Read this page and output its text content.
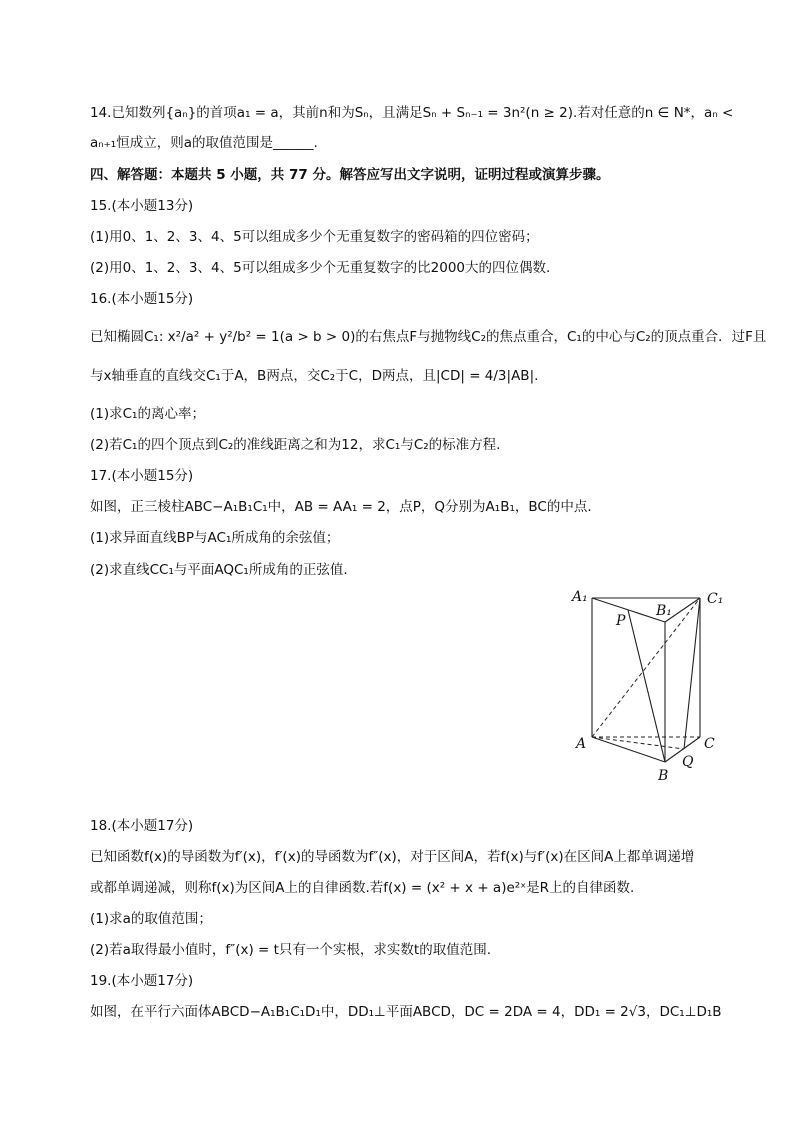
14.已知数列{aₙ}的首项a₁ = a，其前n和为Sₙ，且满足Sₙ + Sₙ₋₁ = 3n²(n ≥ 2).若对任意的n ∈ N*，aₙ <
aₙ₊₁恒成立，则a的取值范围是______.
四、解答题：本题共 5 小题，共 77 分。解答应写出文字说明，证明过程或演算步骤。
15.(本小题13分)
(1)用0、1、2、3、4、5可以组成多少个无重复数字的密码箱的四位密码；
(2)用0、1、2、3、4、5可以组成多少个无重复数字的比2000大的四位偶数.
16.(本小题15分)
已知椭圆C₁: x²/a² + y²/b² = 1(a > b > 0)的右焦点F与抛物线C₂的焦点重合，C₁的中心与C₂的顶点重合．过F且
与x轴垂直的直线交C₁于A，B两点，交C₂于C，D两点，且|CD| = 4/3|AB|.
(1)求C₁的离心率；
(2)若C₁的四个顶点到C₂的准线距离之和为12，求C₁与C₂的标准方程.
17.(本小题15分)
如图，正三棱柱ABC−A₁B₁C₁中，AB = AA₁ = 2，点P，Q分别为A₁B₁，BC的中点.
(1)求异面直线BP与AC₁所成角的余弦值；
(2)求直线CC₁与平面AQC₁所成角的正弦值.
A₁
B₁
C₁
P
A	C
B
Q
18.(本小题17分)
已知函数f(x)的导函数为f′(x)，f′(x)的导函数为f″(x)，对于区间A，若f(x)与f′(x)在区间A上都单调递增
或都单调递减，则称f(x)为区间A上的自律函数.若f(x) = (x² + x + a)e²ˣ是R上的自律函数.
(1)求a的取值范围；
(2)若a取得最小值时，f″(x) = t只有一个实根，求实数t的取值范围.
19.(本小题17分)
如图，在平行六面体ABCD−A₁B₁C₁D₁中，DD₁⊥平面ABCD，DC = 2DA = 4，DD₁ = 2√3，DC₁⊥D₁B
